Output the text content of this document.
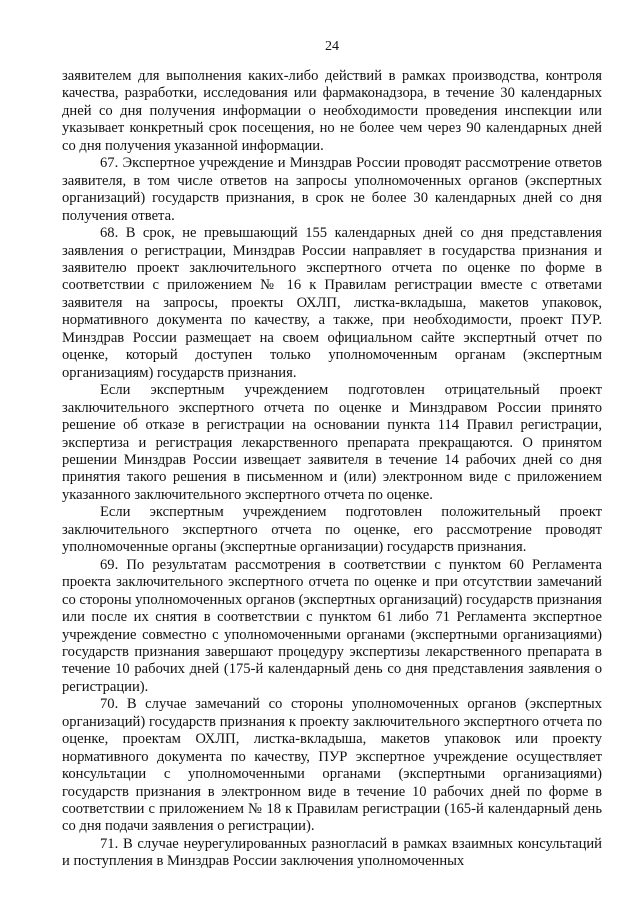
24

заявителем для выполнения каких-либо действий в рамках производства, контроля качества, разработки, исследования или фармаконадзора, в течение 30 календарных дней со дня получения информации о необходимости проведения инспекции или указывает конкретный срок посещения, но не более чем через 90 календарных дней со дня получения указанной информации.

67. Экспертное учреждение и Минздрав России проводят рассмотрение ответов заявителя, в том числе ответов на запросы уполномоченных органов (экспертных организаций) государств признания, в срок не более 30 календарных дней со дня получения ответа.

68. В срок, не превышающий 155 календарных дней со дня представления заявления о регистрации, Минздрав России направляет в государства признания и заявителю проект заключительного экспертного отчета по оценке по форме в соответствии с приложением № 16 к Правилам регистрации вместе с ответами заявителя на запросы, проекты ОХЛП, листка-вкладыша, макетов упаковок, нормативного документа по качеству, а также, при необходимости, проект ПУР. Минздрав России размещает на своем официальном сайте экспертный отчет по оценке, который доступен только уполномоченным органам (экспертным организациям) государств признания.

Если экспертным учреждением подготовлен отрицательный проект заключительного экспертного отчета по оценке и Минздравом России принято решение об отказе в регистрации на основании пункта 114 Правил регистрации, экспертиза и регистрация лекарственного препарата прекращаются. О принятом решении Минздрав России извещает заявителя в течение 14 рабочих дней со дня принятия такого решения в письменном и (или) электронном виде с приложением указанного заключительного экспертного отчета по оценке.

Если экспертным учреждением подготовлен положительный проект заключительного экспертного отчета по оценке, его рассмотрение проводят уполномоченные органы (экспертные организации) государств признания.

69. По результатам рассмотрения в соответствии с пунктом 60 Регламента проекта заключительного экспертного отчета по оценке и при отсутствии замечаний со стороны уполномоченных органов (экспертных организаций) государств признания или после их снятия в соответствии с пунктом 61 либо 71 Регламента экспертное учреждение совместно с уполномоченными органами (экспертными организациями) государств признания завершают процедуру экспертизы лекарственного препарата в течение 10 рабочих дней (175-й календарный день со дня представления заявления о регистрации).

70. В случае замечаний со стороны уполномоченных органов (экспертных организаций) государств признания к проекту заключительного экспертного отчета по оценке, проектам ОХЛП, листка-вкладыша, макетов упаковок или проекту нормативного документа по качеству, ПУР экспертное учреждение осуществляет консультации с уполномоченными органами (экспертными организациями) государств признания в электронном виде в течение 10 рабочих дней по форме в соответствии с приложением № 18 к Правилам регистрации (165-й календарный день со дня подачи заявления о регистрации).

71. В случае неурегулированных разногласий в рамках взаимных консультаций и поступления в Минздрав России заключения уполномоченных
